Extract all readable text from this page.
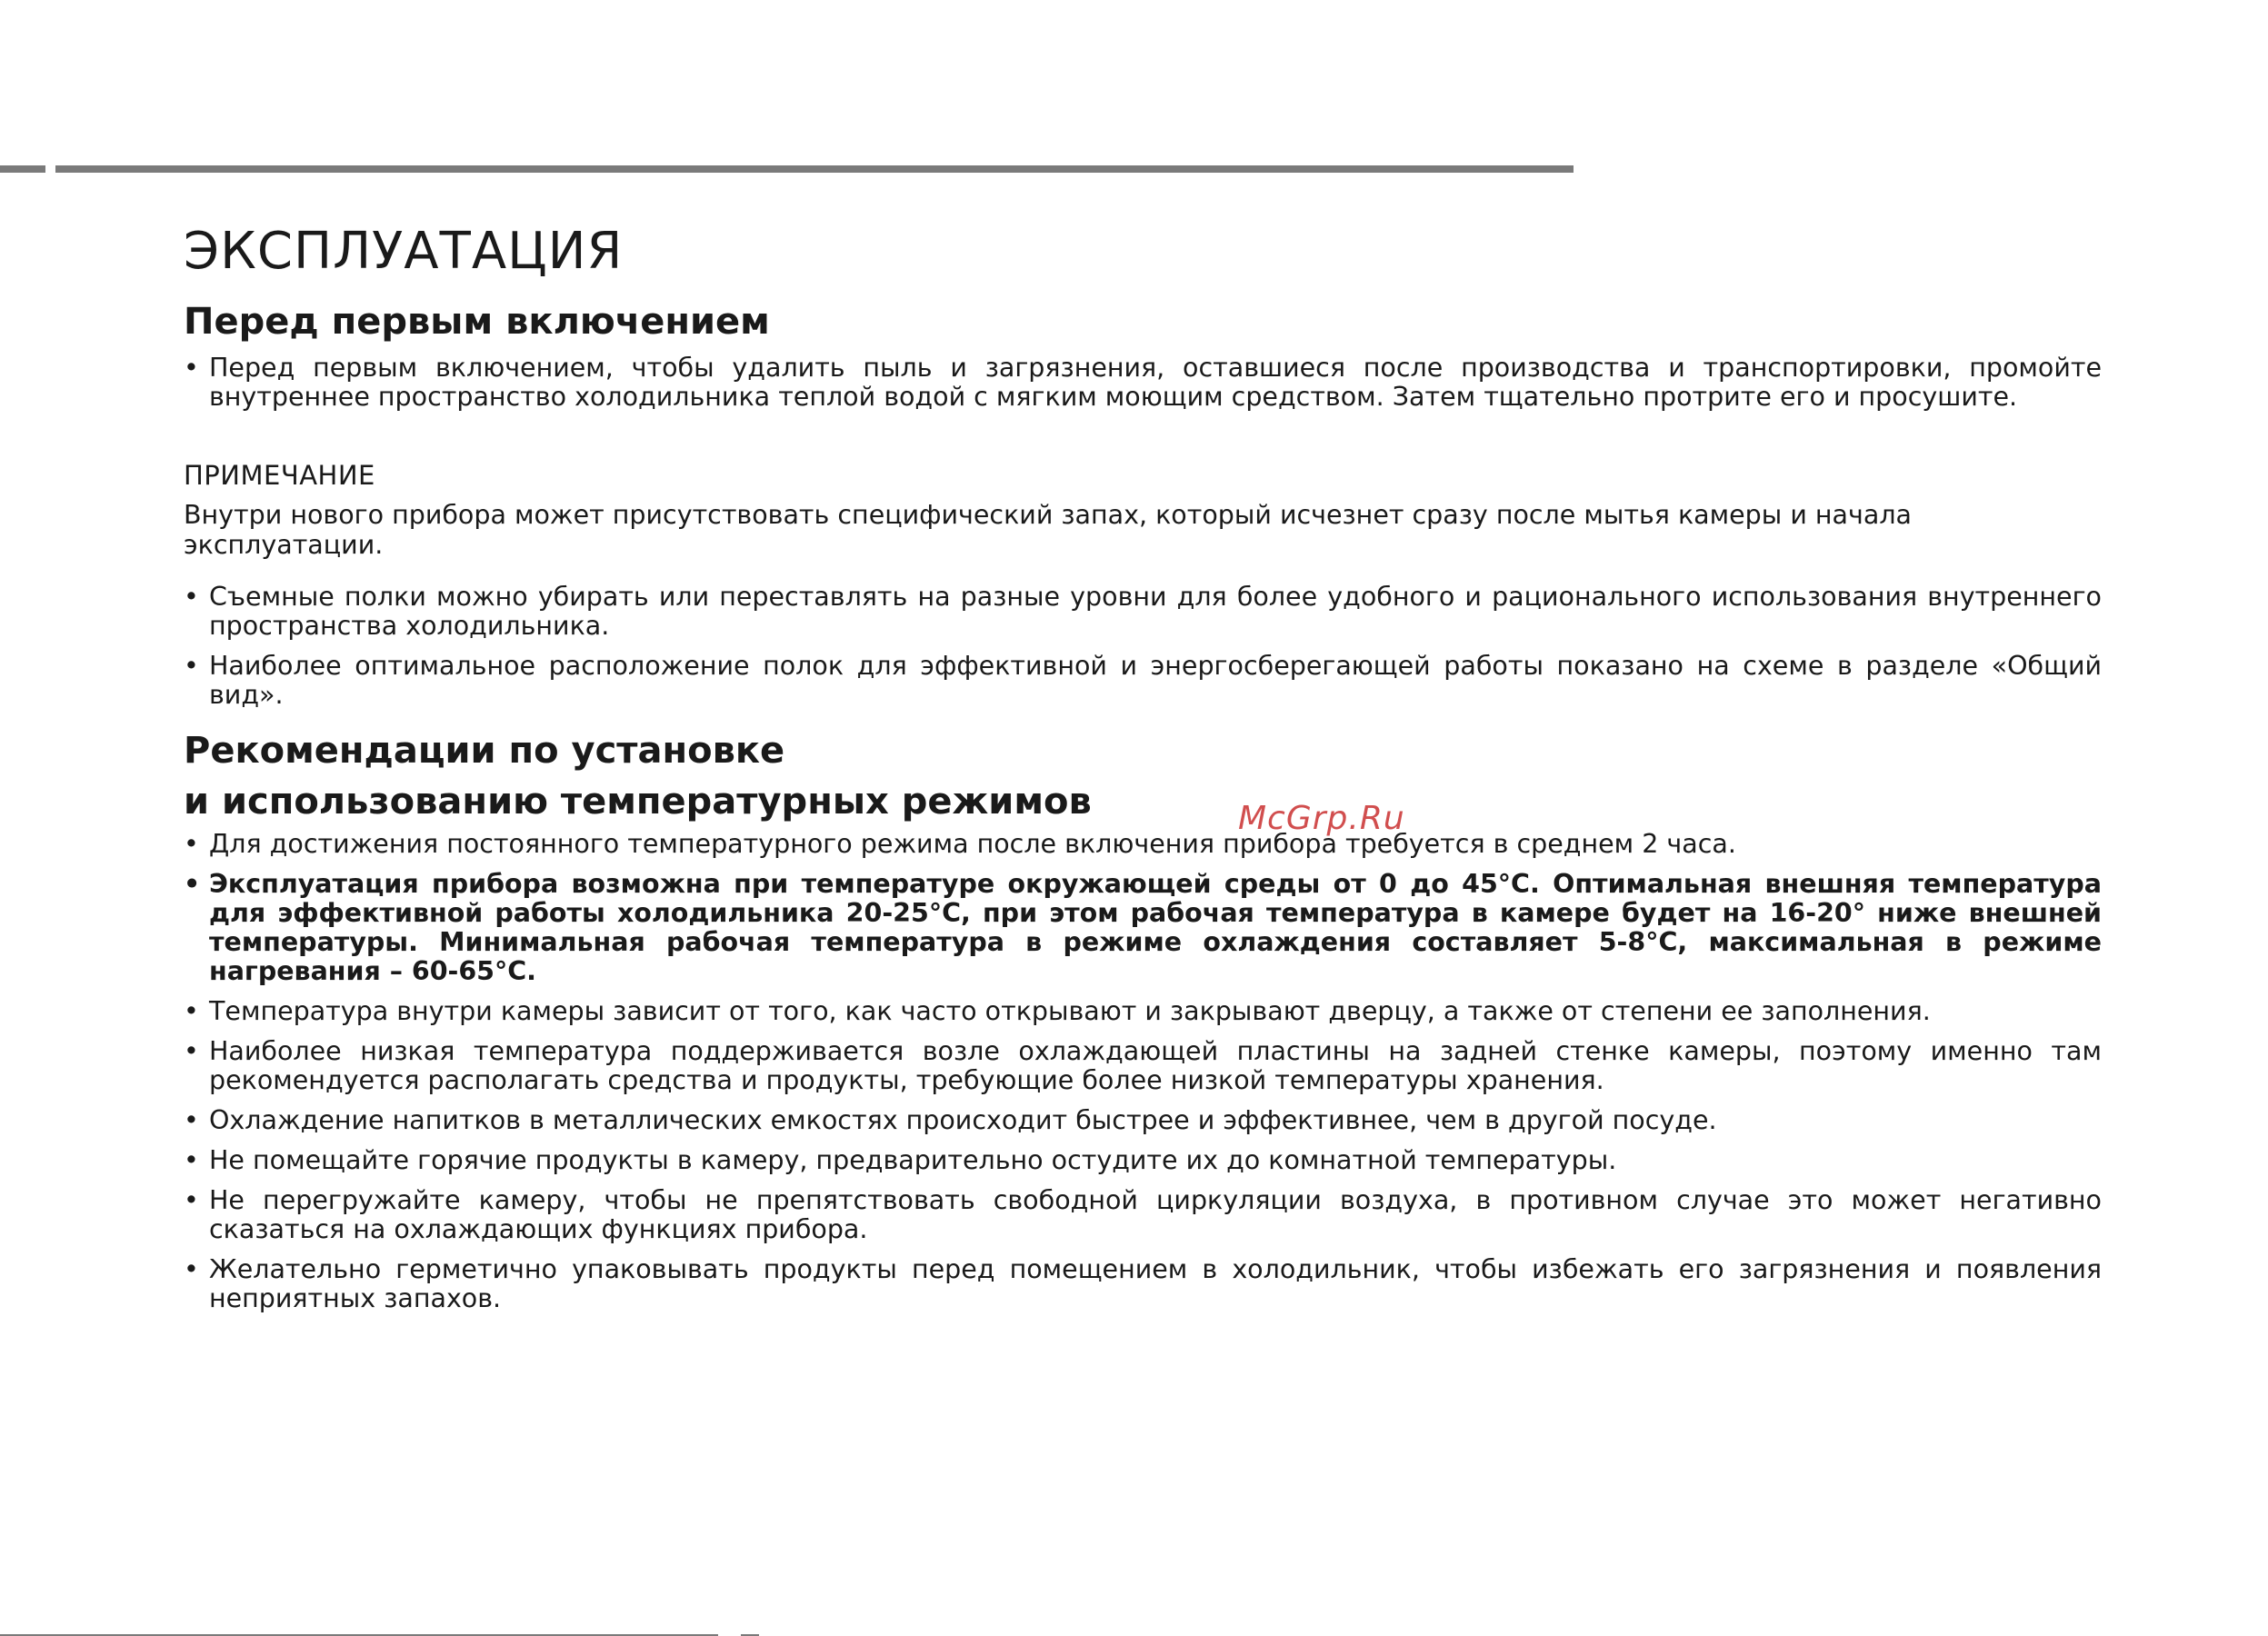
ЭКСПЛУАТАЦИЯ
Перед первым включением
• Перед первым включением, чтобы удалить пыль и загрязнения, оставшиеся после производства и транспортировки, промойте внутреннее пространство холодильника теплой водой с мягким моющим средством. Затем тщательно протрите его и просушите.

ПРИМЕЧАНИЕ

Внутри нового прибора может присутствовать специфический запах, который исчезнет сразу после мытья камеры и начала эксплуатации.

• Съемные полки можно убирать или переставлять на разные уровни для более удобного и рационального использования внутреннего пространства холодильника.
• Наиболее оптимальное расположение полок для эффективной и энергосберегающей работы показано на схеме в разделе «Общий вид».
Рекомендации по установке
и использованию температурных режимов
• Для достижения постоянного температурного режима после включения прибора требуется в среднем 2 часа.
• Эксплуатация прибора возможна при температуре окружающей среды от 0 до 45°С. Оптимальная внешняя температура для эффективной работы холодильника 20-25°С, при этом рабочая температура в камере будет на 16-20° ниже внешней температуры. Минимальная рабочая температура в режиме охлаждения составляет 5-8°С, максимальная в режиме нагревания – 60-65°С.
• Температура внутри камеры зависит от того, как часто открывают и закрывают дверцу, а также от степени ее заполнения.
• Наиболее низкая температура поддерживается возле охлаждающей пластины на задней стенке камеры, поэтому именно там рекомендуется располагать средства и продукты, требующие более низкой температуры хранения.
• Охлаждение напитков в металлических емкостях происходит быстрее и эффективнее, чем в другой посуде.
• Не помещайте горячие продукты в камеру, предварительно остудите их до комнатной температуры.
• Не перегружайте камеру, чтобы не препятствовать свободной циркуляции воздуха, в противном случае это может негативно сказаться на охлаждающих функциях прибора.
• Желательно герметично упаковывать продукты перед помещением в холодильник, чтобы избежать его загрязнения и появления неприятных запахов.
McGrp.Ru
